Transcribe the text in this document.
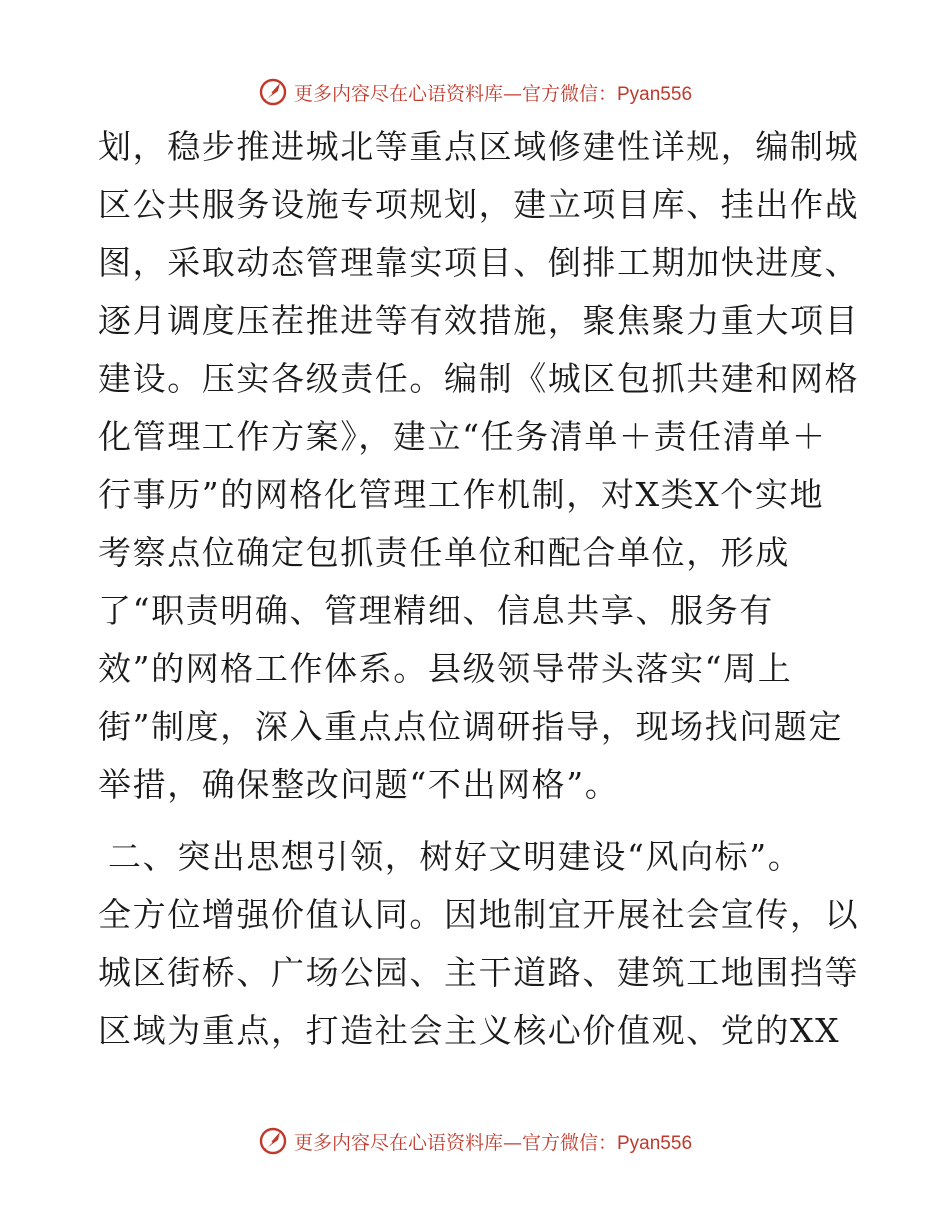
更多内容尽在心语资料库—官方微信：Pyan556
划，稳步推进城北等重点区域修建性详规，编制城
区公共服务设施专项规划，建立项目库、挂出作战
图，采取动态管理靠实项目、倒排工期加快进度、
逐月调度压茬推进等有效措施，聚焦聚力重大项目
建设。压实各级责任。编制《城区包抓共建和网格
化管理工作方案》，建立“任务清单＋责任清单＋
行事历”的网格化管理工作机制，对X类X个实地
考察点位确定包抓责任单位和配合单位，形成
了“职责明确、管理精细、信息共享、服务有
效”的网格工作体系。县级领导带头落实“周上
街”制度，深入重点点位调研指导，现场找问题定
举措，确保整改问题“不出网格”。
二、突出思想引领，树好文明建设“风向标”。
全方位增强价值认同。因地制宜开展社会宣传，以
城区街桥、广场公园、主干道路、建筑工地围挡等
区域为重点，打造社会主义核心价值观、党的XX
更多内容尽在心语资料库—官方微信：Pyan556
